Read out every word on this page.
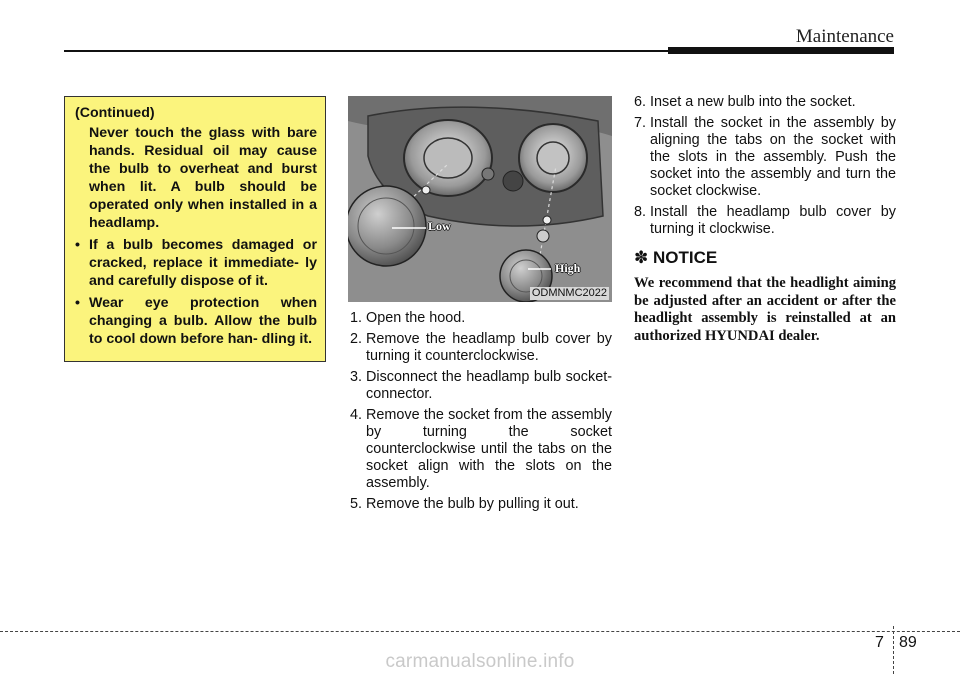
Maintenance
(Continued)
Never touch the glass with bare hands. Residual oil may cause the bulb to overheat and burst when lit. A bulb should be operated only when installed in a headlamp.
• If a bulb becomes damaged or cracked, replace it immediate- ly and carefully dispose of it.
• Wear eye protection when changing a bulb. Allow the bulb to cool down before han- dling it.
Low
High
ODMNMC2022
1. Open the hood.
2. Remove the headlamp bulb cover by turning it counterclockwise.
3. Disconnect the headlamp bulb socket-connector.
4. Remove the socket from the assembly by turning the socket counterclockwise until the tabs on the socket align with the slots on the assembly.
5. Remove the bulb by pulling it out.
6. Inset a new bulb into the socket.
7. Install the socket in the assembly by aligning the tabs on the socket with the slots in the assembly. Push the socket into the assembly and turn the socket clockwise.
8. Install the headlamp bulb cover by turning it clockwise.
✽ NOTICE

We recommend that the headlight aiming be adjusted after an accident or after the headlight assembly is reinstalled at an authorized HYUNDAI dealer.

7 89
carmanualsonline.info
